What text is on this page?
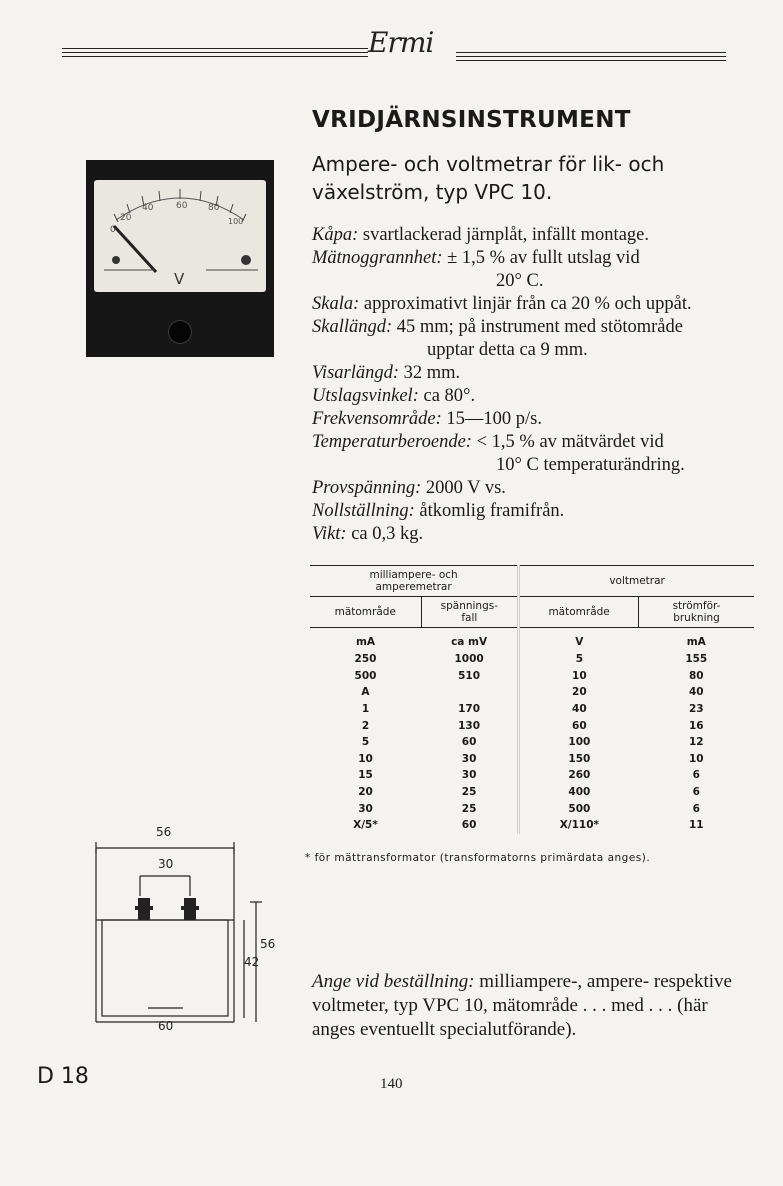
Ermi
VRIDJÄRNSINSTRUMENT
Ampere- och voltmetrar för lik- och växelström, typ VPC 10.
0
20
40	60 80
100
V
Kåpa: svartlackerad järnplåt, infällt montage.
Mätnoggrannhet: ± 1,5 % av fullt utslag vid
20° C.
Skala: approximativt linjär från ca 20 % och uppåt.
Skallängd: 45 mm; på instrument med stötområde
upptar detta ca 9 mm.
Visarlängd: 32 mm.
Utslagsvinkel: ca 80°.
Frekvensområde: 15—100 p/s.
Temperaturberoende: < 1,5 % av mätvärdet vid
10° C temperaturändring.
Provspänning: 2000 V vs.
Nollställning: åtkomlig framifrån.
Vikt: ca 0,3 kg.
milliampere- och amperemetrar		voltmetrar	
mätområde	spännings-fall	mätområde	strömför-brukning
mA	ca mV	V	mA
250	1000	5	155
500	510	10	80
A		20	40
1	170	40	23
2	130	60	16
5	60	100	12
10	30	150	10
15	30	260	6
20	25	400	6
30	25	500	6
X/5*	60	X/110*	11
* för mättransformator (transformatorns primärdata anges).
56
30
56
42
60
Ange vid beställning: milliampere-, ampere- respektive voltmeter, typ VPC 10, mätområde . . . med . . . (här anges eventuellt specialutförande).
D 18	140
